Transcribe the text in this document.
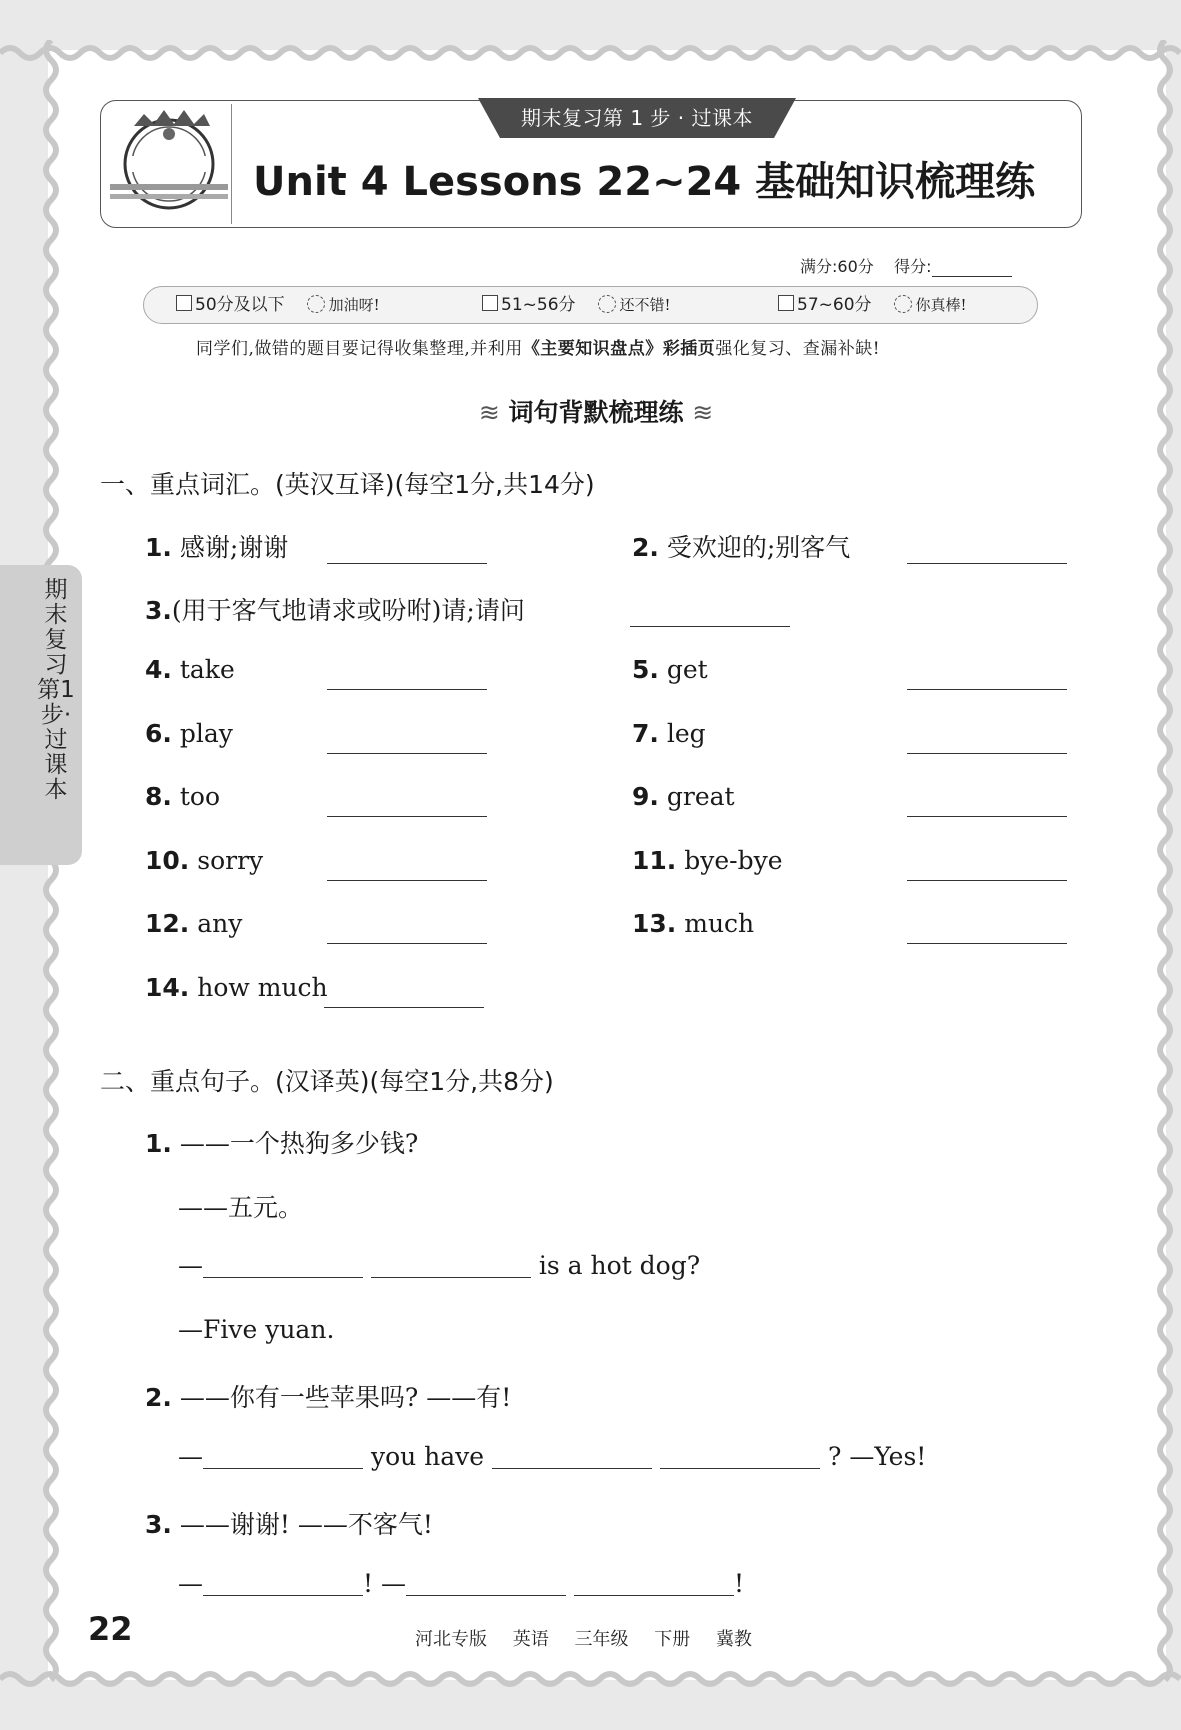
期末复习第1步·过课本
期末复习第 1 步 · 过课本
Unit 4 Lessons 22~24 基础知识梳理练
满分:60分 得分:
50分及以下	加油呀!	51~56分	还不错!	57~60分	你真棒!
同学们,做错的题目要记得收集整理,并利用《主要知识盘点》彩插页强化复习、查漏补缺!
≋ 词句背默梳理练 ≋
一、重点词汇。(英汉互译)(每空1分,共14分)
1. 感谢;谢谢	2. 受欢迎的;别客气
3.(用于客气地请求或吩咐)请;请问
4. take	5. get
6. play	7. leg
8. too	9. great
10. sorry	11. bye-bye
12. any	13. much
14. how much
二、重点句子。(汉译英)(每空1分,共8分)
1. ——一个热狗多少钱?
——五元。
—	is a hot dog?
—Five yuan.
2. ——你有一些苹果吗? ——有!
—	you have	? —Yes!
3. ——谢谢! ——不客气!
—	! —	!
22	河北专版 英语 三年级 下册 冀教
